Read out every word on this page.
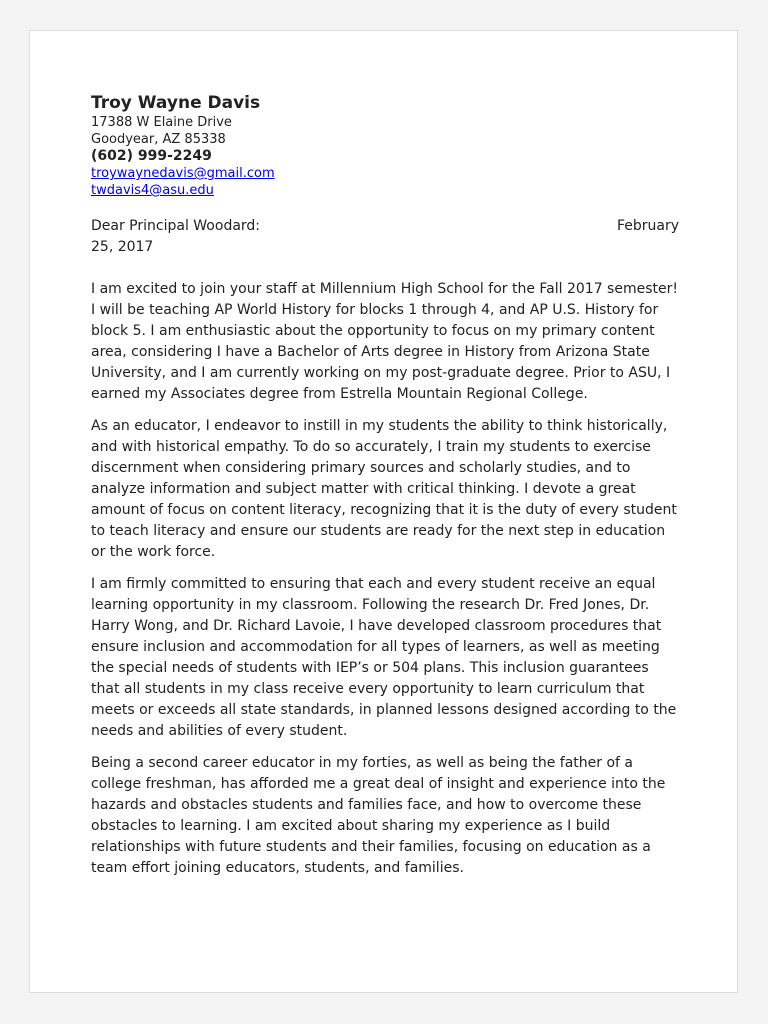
Troy Wayne Davis

17388 W Elaine Drive

Goodyear, AZ 85338

(602) 999-2249

troywaynedavis@gmail.com
twdavis4@asu.edu
Dear Principal Woodard:	February
25, 2017

I am excited to join your staff at Millennium High School for the Fall 2017 semester! I will be teaching AP World History for blocks 1 through 4, and AP U.S. History for block 5. I am enthusiastic about the opportunity to focus on my primary content area, considering I have a Bachelor of Arts degree in History from Arizona State University, and I am currently working on my post-graduate degree. Prior to ASU, I earned my Associates degree from Estrella Mountain Regional College.

As an educator, I endeavor to instill in my students the ability to think historically, and with historical empathy. To do so accurately, I train my students to exercise discernment when considering primary sources and scholarly studies, and to analyze information and subject matter with critical thinking. I devote a great amount of focus on content literacy, recognizing that it is the duty of every student to teach literacy and ensure our students are ready for the next step in education or the work force.

I am firmly committed to ensuring that each and every student receive an equal learning opportunity in my classroom. Following the research Dr. Fred Jones, Dr. Harry Wong, and Dr. Richard Lavoie, I have developed classroom procedures that ensure inclusion and accommodation for all types of learners, as well as meeting the special needs of students with IEP’s or 504 plans. This inclusion guarantees that all students in my class receive every opportunity to learn curriculum that meets or exceeds all state standards, in planned lessons designed according to the needs and abilities of every student.

Being a second career educator in my forties, as well as being the father of a college freshman, has afforded me a great deal of insight and experience into the hazards and obstacles students and families face, and how to overcome these obstacles to learning. I am excited about sharing my experience as I build relationships with future students and their families, focusing on education as a team effort joining educators, students, and families.
